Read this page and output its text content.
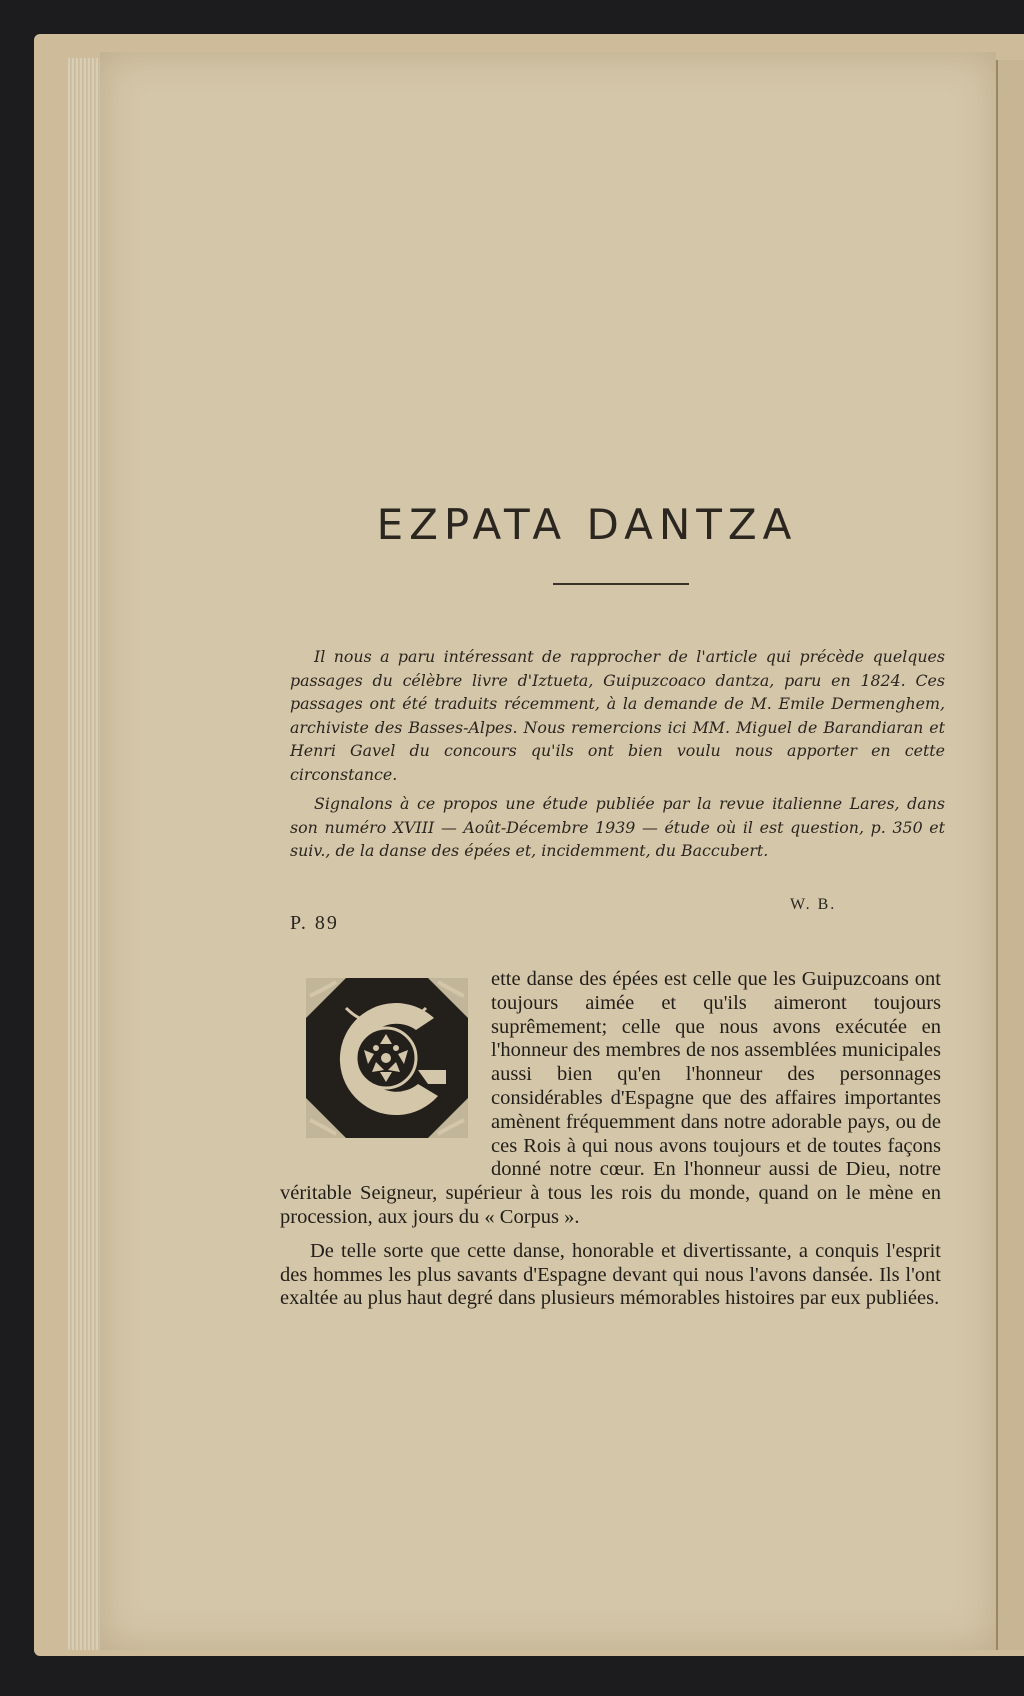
EZPATA DANTZA

Il nous a paru intéressant de rapprocher de l'article qui précède quelques passages du célèbre livre d'Iztueta, Guipuzcoaco dantza, paru en 1824. Ces passages ont été traduits récemment, à la demande de M. Emile Dermenghem, archiviste des Basses-Alpes. Nous remercions ici MM. Miguel de Barandiaran et Henri Gavel du concours qu'ils ont bien voulu nous apporter en cette circonstance.

Signalons à ce propos une étude publiée par la revue italienne Lares, dans son numéro XVIII — Août-Décembre 1939 — étude où il est question, p. 350 et suiv., de la danse des épées et, incidemment, du Baccubert.

W. B.
P. 89

ette danse des épées est celle que les Guipuzcoans ont toujours aimée et qu'ils aimeront toujours suprêmement; celle que nous avons exécutée en l'honneur des membres de nos assemblées municipales aussi bien qu'en l'honneur des personnages considérables d'Espagne que des affaires importantes amènent fréquemment dans notre adorable pays, ou de ces Rois à qui nous avons toujours et de toutes façons donné notre cœur. En l'honneur aussi de Dieu, notre véritable Seigneur, supérieur à tous les rois du monde, quand on le mène en procession, aux jours du « Corpus ».

De telle sorte que cette danse, honorable et divertissante, a conquis l'esprit des hommes les plus savants d'Espagne devant qui nous l'avons dansée. Ils l'ont exaltée au plus haut degré dans plusieurs mémorables histoires par eux publiées.
